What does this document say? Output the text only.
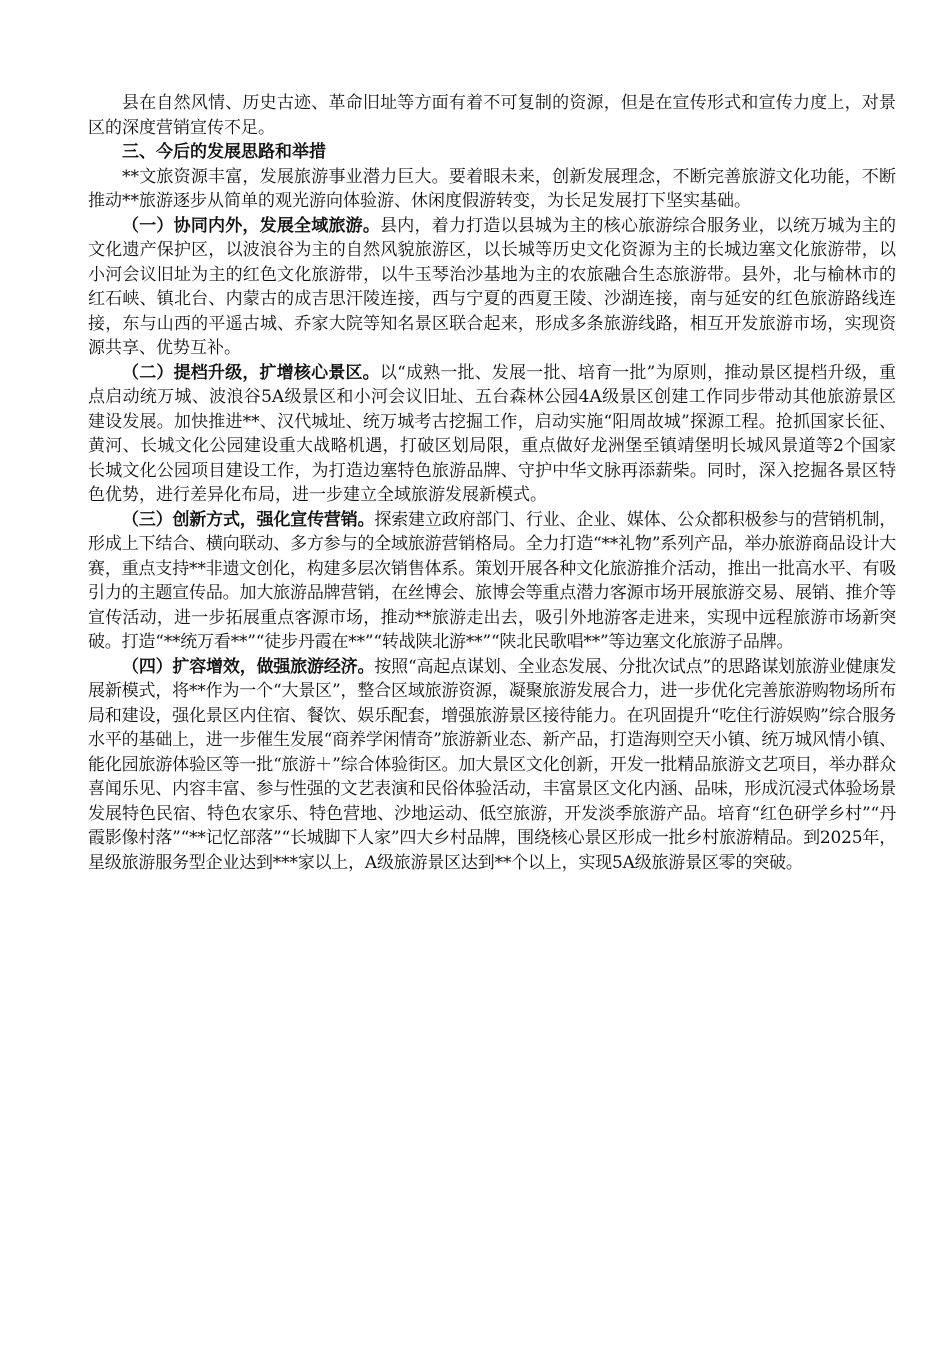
县在自然风情、历史古迹、革命旧址等方面有着不可复制的资源，但是在宣传形式和宣传力度上，对景区的深度营销宣传不足。

三、今后的发展思路和举措

**文旅资源丰富，发展旅游事业潜力巨大。要着眼未来，创新发展理念，不断完善旅游文化功能，不断推动**旅游逐步从简单的观光游向体验游、休闲度假游转变，为长足发展打下坚实基础。

（一）协同内外，发展全域旅游。县内，着力打造以县城为主的核心旅游综合服务业，以统万城为主的文化遗产保护区，以波浪谷为主的自然风貌旅游区，以长城等历史文化资源为主的长城边塞文化旅游带，以小河会议旧址为主的红色文化旅游带，以牛玉琴治沙基地为主的农旅融合生态旅游带。县外，北与榆林市的红石峡、镇北台、内蒙古的成吉思汗陵连接，西与宁夏的西夏王陵、沙湖连接，南与延安的红色旅游路线连接，东与山西的平遥古城、乔家大院等知名景区联合起来，形成多条旅游线路，相互开发旅游市场，实现资源共享、优势互补。

（二）提档升级，扩增核心景区。以“成熟一批、发展一批、培育一批”为原则，推动景区提档升级，重点启动统万城、波浪谷5A级景区和小河会议旧址、五台森林公园4A级景区创建工作同步带动其他旅游景区建设发展。加快推进**、汉代城址、统万城考古挖掘工作，启动实施“阳周故城”探源工程。抢抓国家长征、黄河、长城文化公园建设重大战略机遇，打破区划局限，重点做好龙洲堡至镇靖堡明长城风景道等2个国家长城文化公园项目建设工作，为打造边塞特色旅游品牌、守护中华文脉再添薪柴。同时，深入挖掘各景区特色优势，进行差异化布局，进一步建立全域旅游发展新模式。

（三）创新方式，强化宣传营销。探索建立政府部门、行业、企业、媒体、公众都积极参与的营销机制，形成上下结合、横向联动、多方参与的全域旅游营销格局。全力打造“**礼物”系列产品，举办旅游商品设计大赛，重点支持**非遗文创化，构建多层次销售体系。策划开展各种文化旅游推介活动，推出一批高水平、有吸引力的主题宣传品。加大旅游品牌营销，在丝博会、旅博会等重点潜力客源市场开展旅游交易、展销、推介等宣传活动，进一步拓展重点客源市场，推动**旅游走出去，吸引外地游客走进来，实现中远程旅游市场新突破。打造“**统万看**”“徒步丹霞在**”“转战陕北游**”“陕北民歌唱**”等边塞文化旅游子品牌。

（四）扩容增效，做强旅游经济。按照“高起点谋划、全业态发展、分批次试点”的思路谋划旅游业健康发展新模式，将**作为一个“大景区”，整合区域旅游资源，凝聚旅游发展合力，进一步优化完善旅游购物场所布局和建设，强化景区内住宿、餐饮、娱乐配套，增强旅游景区接待能力。在巩固提升“吃住行游娱购”综合服务水平的基础上，进一步催生发展“商养学闲情奇”旅游新业态、新产品，打造海则空天小镇、统万城风情小镇、能化园旅游体验区等一批“旅游＋”综合体验街区。加大景区文化创新，开发一批精品旅游文艺项目，举办群众喜闻乐见、内容丰富、参与性强的文艺表演和民俗体验活动，丰富景区文化内涵、品味，形成沉浸式体验场景发展特色民宿、特色农家乐、特色营地、沙地运动、低空旅游，开发淡季旅游产品。培育“红色研学乡村”“丹霞影像村落”“**记忆部落”“长城脚下人家”四大乡村品牌，围绕核心景区形成一批乡村旅游精品。到2025年，星级旅游服务型企业达到***家以上，A级旅游景区达到**个以上，实现5A级旅游景区零的突破。
